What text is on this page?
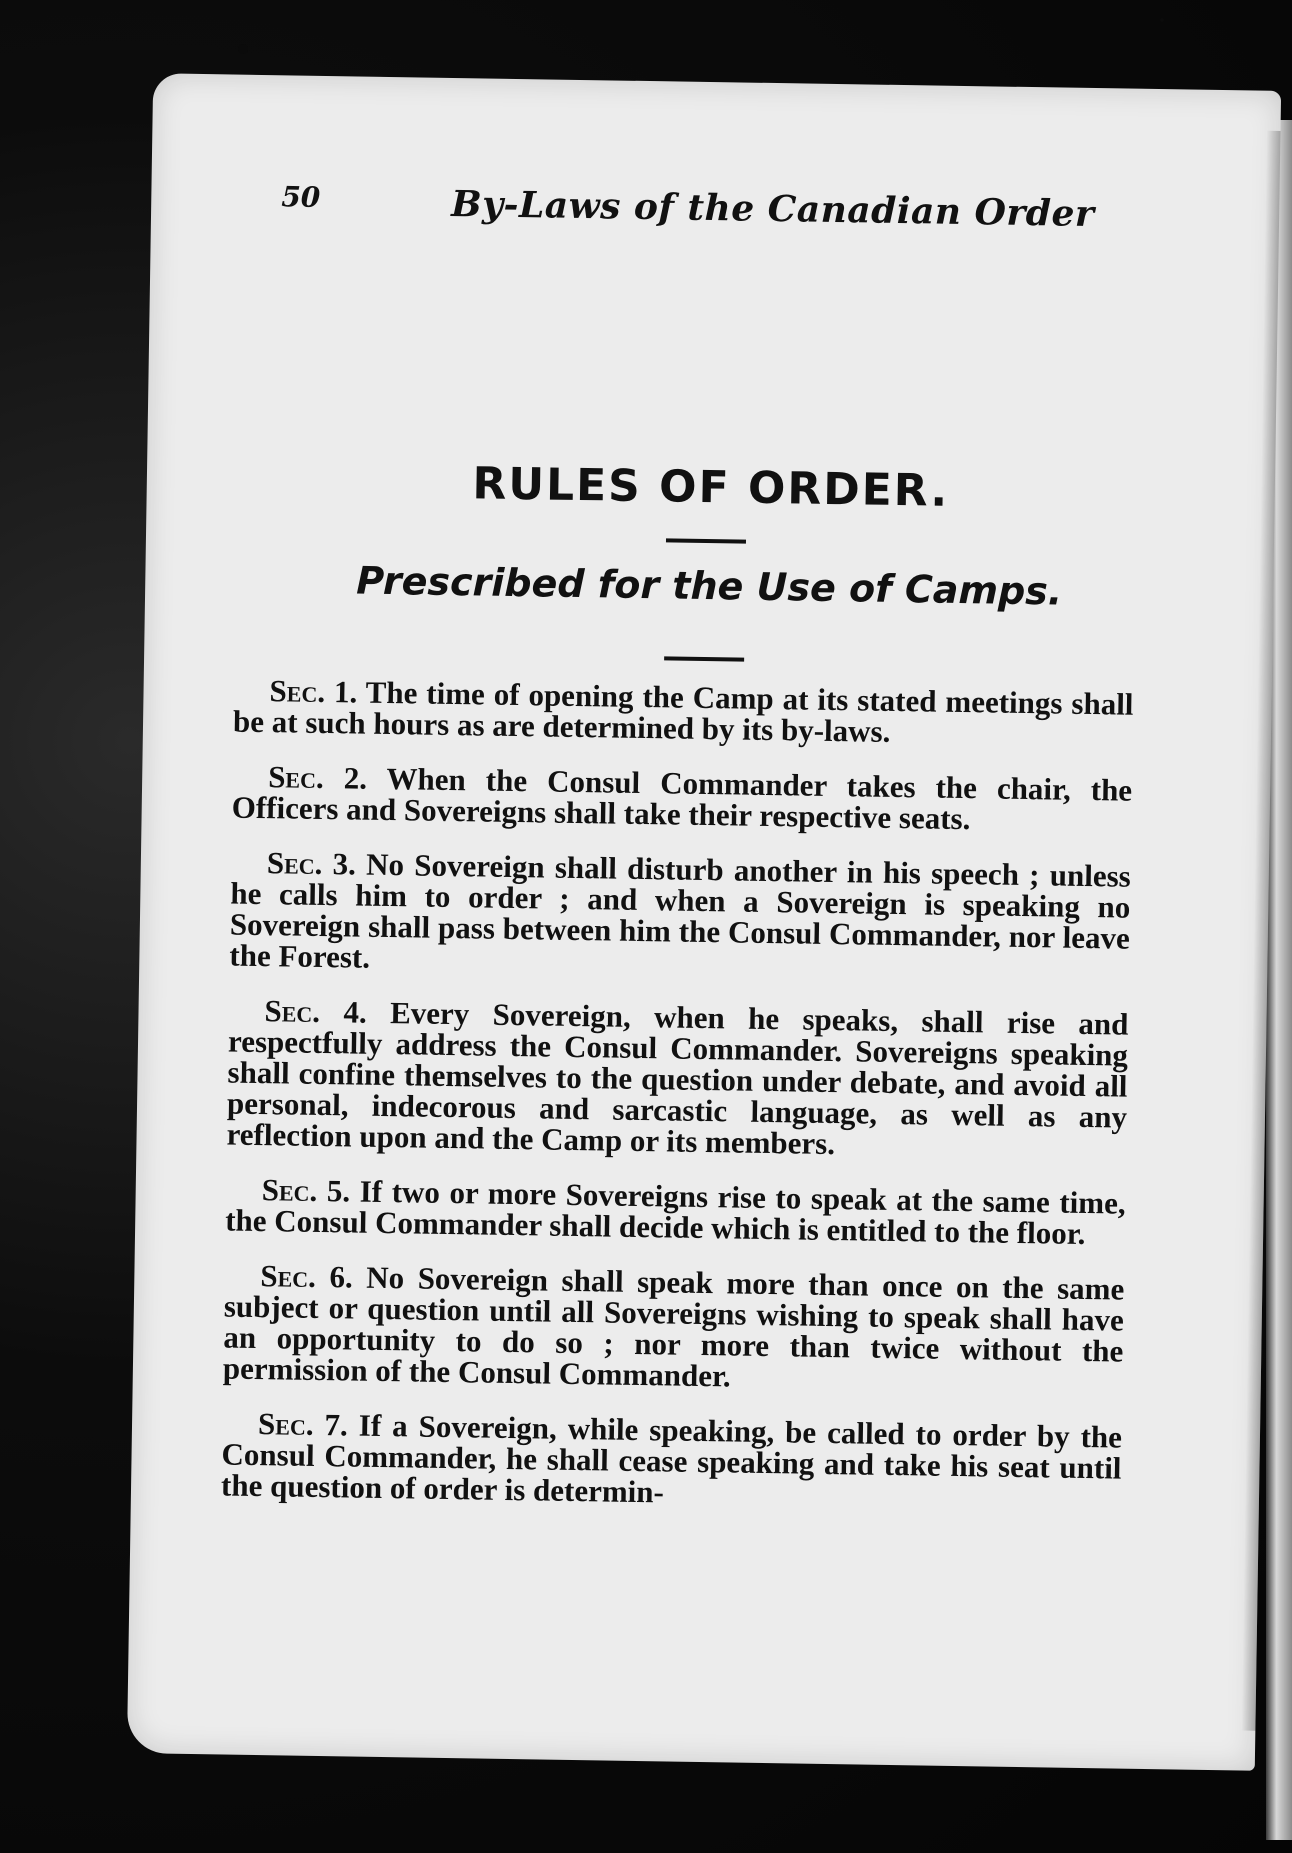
50	By-Laws of the Canadian Order
RULES OF ORDER.
Prescribed for the Use of Camps.

Sec. 1. The time of opening the Camp at its stated meetings shall be at such hours as are determined by its by-laws.

Sec. 2. When the Consul Commander takes the chair, the Officers and Sovereigns shall take their respective seats.

Sec. 3. No Sovereign shall disturb another in his speech ; unless he calls him to order ; and when a Sovereign is speaking no Sovereign shall pass between him the Consul Commander, nor leave the Forest.

Sec. 4. Every Sovereign, when he speaks, shall rise and respectfully address the Consul Commander. Sovereigns speaking shall confine themselves to the question under debate, and avoid all personal, indecorous and sarcastic language, as well as any reflection upon and the Camp or its members.

Sec. 5. If two or more Sovereigns rise to speak at the same time, the Consul Commander shall decide which is entitled to the floor.

Sec. 6. No Sovereign shall speak more than once on the same subject or question until all Sovereigns wishing to speak shall have an opportunity to do so ; nor more than twice without the permission of the Consul Commander.

Sec. 7. If a Sovereign, while speaking, be called to order by the Consul Commander, he shall cease speaking and take his seat until the question of order is determin-
